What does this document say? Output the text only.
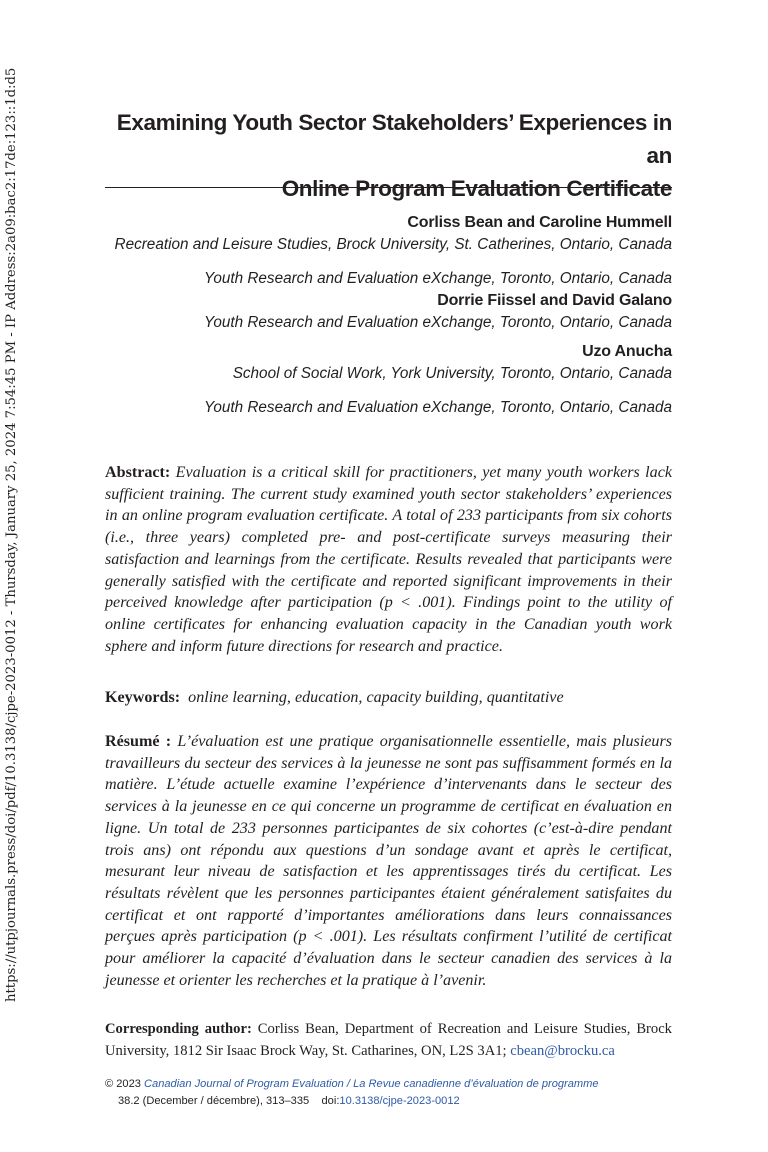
https://utpjournals.press/doi/pdf/10.3138/cjpe-2023-0012 - Thursday, January 25, 2024 7:54:45 PM - IP Address:2a09:bac2:17de:123::1d:d5	Examining Youth Sector Stakeholders’ Experiences in an
Online Program Evaluation Certificate
Corliss Bean and Caroline Hummell
Recreation and Leisure Studies, Brock University, St. Catherines, Ontario, Canada
Youth Research and Evaluation eXchange, Toronto, Ontario, Canada
Dorrie Fiissel and David Galano
Youth Research and Evaluation eXchange, Toronto, Ontario, Canada
Uzo Anucha
School of Social Work, York University, Toronto, Ontario, Canada
Youth Research and Evaluation eXchange, Toronto, Ontario, Canada

Abstract: Evaluation is a critical skill for practitioners, yet many youth workers lack sufficient training. The current study examined youth sector stakeholders’ experiences in an online program evaluation certificate. A total of 233 participants from six cohorts (i.e., three years) completed pre- and post-certificate surveys measuring their satisfaction and learnings from the certificate. Results revealed that participants were generally satisfied with the certificate and reported significant improvements in their perceived knowledge after participation (p < .001). Findings point to the utility of online certificates for enhancing evaluation capacity in the Canadian youth work sphere and inform future directions for research and practice.

Keywords: online learning, education, capacity building, quantitative

Résumé : L’évaluation est une pratique organisationnelle essentielle, mais plusieurs travailleurs du secteur des services à la jeunesse ne sont pas suffisamment formés en la matière. L’étude actuelle examine l’expérience d’intervenants dans le secteur des services à la jeunesse en ce qui concerne un programme de certificat en évaluation en ligne. Un total de 233 personnes participantes de six cohortes (c’est-à-dire pendant trois ans) ont répondu aux questions d’un sondage avant et après le certificat, mesurant leur niveau de satisfaction et les apprentissages tirés du certificat. Les résultats révèlent que les personnes participantes étaient généralement satisfaites du certificat et ont rapporté d’importantes améliorations dans leurs connaissances perçues après participation (p < .001). Les résultats confirment l’utilité de certificat pour améliorer la capacité d’évaluation dans le secteur canadien des services à la jeunesse et orienter les recherches et la pratique à l’avenir.

Corresponding author: Corliss Bean, Department of Recreation and Leisure Studies, Brock University, 1812 Sir Isaac Brock Way, St. Catharines, ON, L2S 3A1; cbean@brocku.ca

© 2023 Canadian Journal of Program Evaluation / La Revue canadienne d’évaluation de programme
38.2 (December / décembre), 313–335 doi:10.3138/cjpe-2023-0012
